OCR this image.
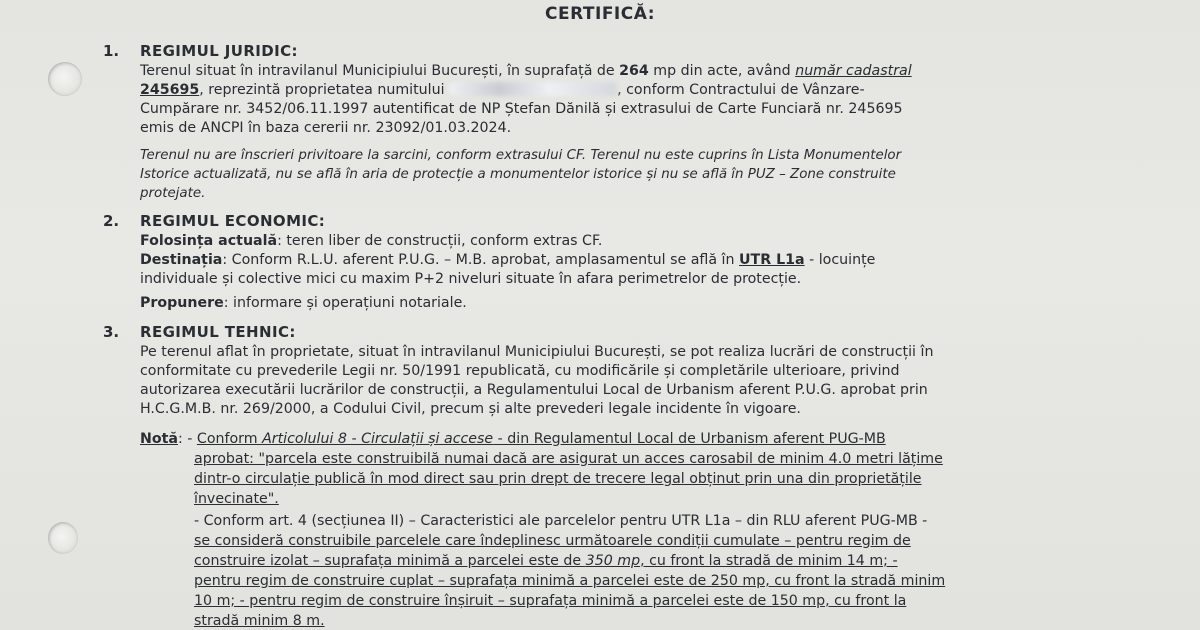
CERTIFICĂ:
1. REGIMUL JURIDIC:
Terenul situat în intravilanul Municipiului București, în suprafață de 264 mp din acte, având număr cadastral
245695, reprezintă proprietatea numitului	, conform Contractului de Vânzare-
Cumpărare nr. 3452/06.11.1997 autentificat de NP Ștefan Dănilă și extrasului de Carte Funciară nr. 245695
emis de ANCPI în baza cererii nr. 23092/01.03.2024.
Terenul nu are înscrieri privitoare la sarcini, conform extrasului CF. Terenul nu este cuprins în Lista Monumentelor
Istorice actualizată, nu se află în aria de protecție a monumentelor istorice și nu se află în PUZ – Zone construite
protejate.
2. REGIMUL ECONOMIC:
Folosința actuală: teren liber de construcții, conform extras CF.
Destinația: Conform R.L.U. aferent P.U.G. – M.B. aprobat, amplasamentul se află în UTR L1a - locuințe
individuale și colective mici cu maxim P+2 niveluri situate în afara perimetrelor de protecție.
Propunere: informare și operațiuni notariale.
3. REGIMUL TEHNIC:
Pe terenul aflat în proprietate, situat în intravilanul Municipiului București, se pot realiza lucrări de construcții în
conformitate cu prevederile Legii nr. 50/1991 republicată, cu modificările și completările ulterioare, privind
autorizarea executării lucrărilor de construcții, a Regulamentului Local de Urbanism aferent P.U.G. aprobat prin
H.C.G.M.B. nr. 269/2000, a Codului Civil, precum și alte prevederi legale incidente în vigoare.
Notă: - Conform Articolului 8 - Circulații și accese - din Regulamentul Local de Urbanism aferent PUG-MB
aprobat: "parcela este construibilă numai dacă are asigurat un acces carosabil de minim 4.0 metri lățime
dintr-o circulație publică în mod direct sau prin drept de trecere legal obținut prin una din proprietățile
învecinate".
- Conform art. 4 (secțiunea II) – Caracteristici ale parcelelor pentru UTR L1a – din RLU aferent PUG-MB -
se consideră construibile parcelele care îndeplinesc următoarele condiții cumulate – pentru regim de
construire izolat – suprafața minimă a parcelei este de 350 mp, cu front la stradă de minim 14 m; -
pentru regim de construire cuplat – suprafața minimă a parcelei este de 250 mp, cu front la stradă minim
10 m; - pentru regim de construire înșiruit – suprafața minimă a parcelei este de 150 mp, cu front la
stradă minim 8 m.
